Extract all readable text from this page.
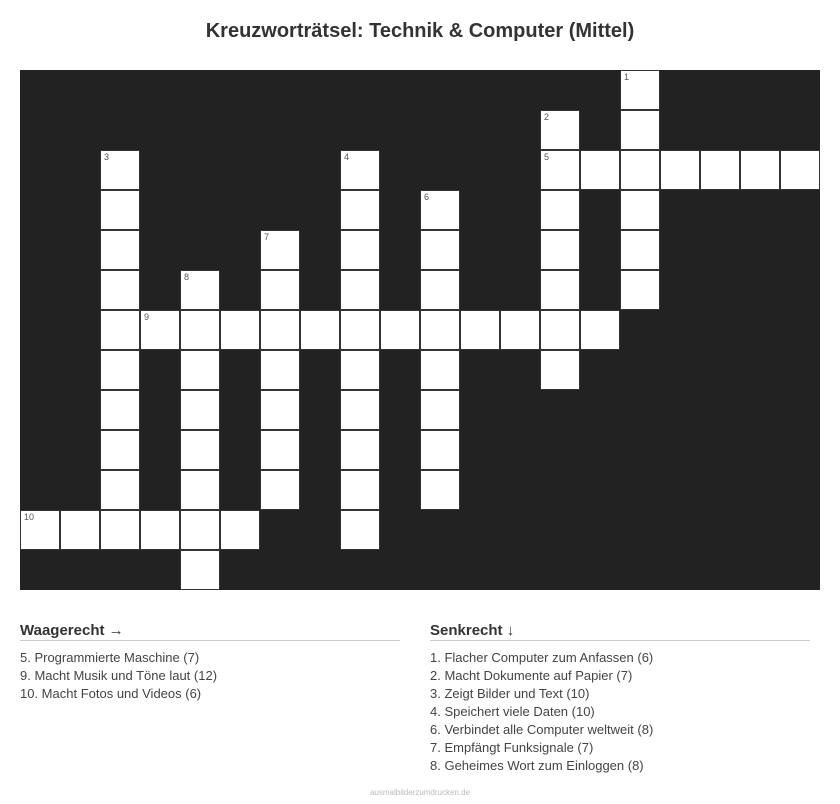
Kreuzworträtsel: Technik & Computer (Mittel)
1
2
5
3	4
6
7
8
9
10
Waagerecht →
5. Programmierte Maschine (7)
9. Macht Musik und Töne laut (12)
10. Macht Fotos und Videos (6)
Senkrecht ↓
1. Flacher Computer zum Anfassen (6)
2. Macht Dokumente auf Papier (7)
3. Zeigt Bilder und Text (10)
4. Speichert viele Daten (10)
6. Verbindet alle Computer weltweit (8)
7. Empfängt Funksignale (7)
8. Geheimes Wort zum Einloggen (8)
ausmalbilderzumdrucken.de
